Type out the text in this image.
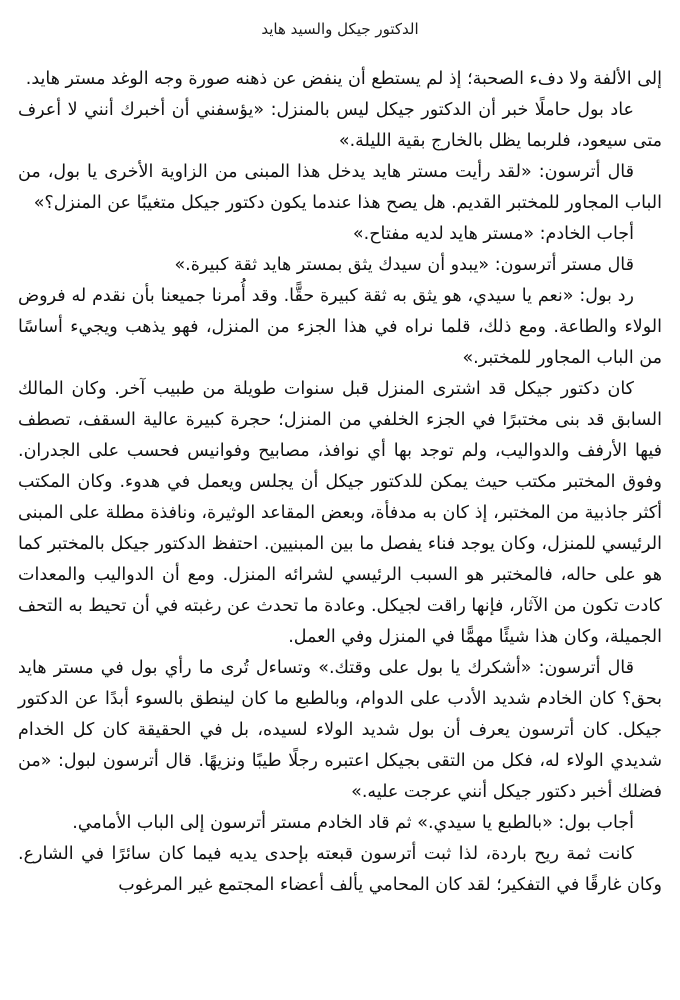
الدكتور جيكل والسيد هايد

إلى الألفة ولا دفء الصحبة؛ إذ لم يستطع أن ينفض عن ذهنه صورة وجه الوغد مستر هايد.

عاد بول حاملًا خبر أن الدكتور جيكل ليس بالمنزل: «يؤسفني أن أخبرك أنني لا أعرف متى سيعود، فلربما يظل بالخارج بقية الليلة.»

قال أترسون: «لقد رأيت مستر هايد يدخل هذا المبنى من الزاوية الأخرى يا بول، من الباب المجاور للمختبر القديم. هل يصح هذا عندما يكون دكتور جيكل متغيبًا عن المنزل؟»

أجاب الخادم: «مستر هايد لديه مفتاح.»

قال مستر أترسون: «يبدو أن سيدك يثق بمستر هايد ثقة كبيرة.»

رد بول: «نعم يا سيدي، هو يثق به ثقة كبيرة حقًّا. وقد أُمرنا جميعنا بأن نقدم له فروض الولاء والطاعة. ومع ذلك، قلما نراه في هذا الجزء من المنزل، فهو يذهب ويجيء أساسًا من الباب المجاور للمختبر.»

كان دكتور جيكل قد اشترى المنزل قبل سنوات طويلة من طبيب آخر. وكان المالك السابق قد بنى مختبرًا في الجزء الخلفي من المنزل؛ حجرة كبيرة عالية السقف، تصطف فيها الأرفف والدواليب، ولم توجد بها أي نوافذ، مصابيح وفوانيس فحسب على الجدران. وفوق المختبر مكتب حيث يمكن للدكتور جيكل أن يجلس ويعمل في هدوء. وكان المكتب أكثر جاذبية من المختبر، إذ كان به مدفأة، وبعض المقاعد الوثيرة، ونافذة مطلة على المبنى الرئيسي للمنزل، وكان يوجد فناء يفصل ما بين المبنيين. احتفظ الدكتور جيكل بالمختبر كما هو على حاله، فالمختبر هو السبب الرئيسي لشرائه المنزل. ومع أن الدواليب والمعدات كادت تكون من الآثار، فإنها راقت لجيكل. وعادة ما تحدث عن رغبته في أن تحيط به التحف الجميلة، وكان هذا شيئًا مهمًّا في المنزل وفي العمل.

قال أترسون: «أشكرك يا بول على وقتك.» وتساءل تُرى ما رأي بول في مستر هايد بحق؟ كان الخادم شديد الأدب على الدوام، وبالطبع ما كان لينطق بالسوء أبدًا عن الدكتور جيكل. كان أترسون يعرف أن بول شديد الولاء لسيده، بل في الحقيقة كان كل الخدام شديدي الولاء له، فكل من التقى بجيكل اعتبره رجلًا طيبًا ونزيهًا. قال أترسون لبول: «من فضلك أخبر دكتور جيكل أنني عرجت عليه.»

أجاب بول: «بالطبع يا سيدي.» ثم قاد الخادم مستر أترسون إلى الباب الأمامي.

كانت ثمة ريح باردة، لذا ثبت أترسون قبعته بإحدى يديه فيما كان سائرًا في الشارع. وكان غارقًا في التفكير؛ لقد كان المحامي يألف أعضاء المجتمع غير المرغوب
